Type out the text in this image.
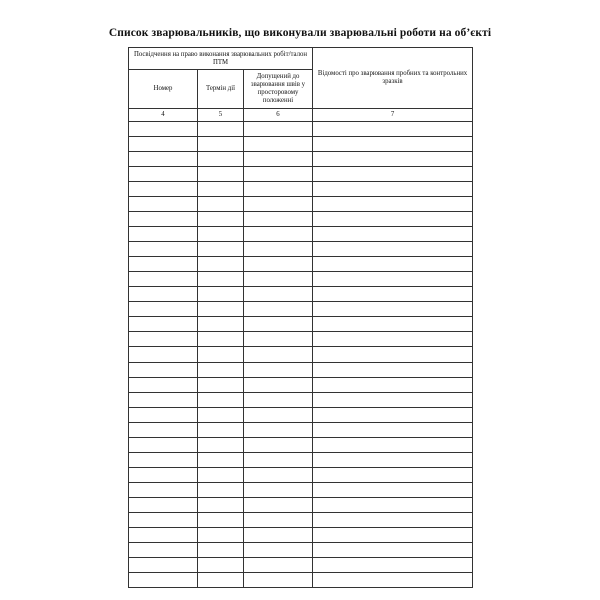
Список зварювальників, що виконували зварювальні роботи на об’єкті
Посвідчення на право виконання зварювальних робіт/талон ПТМ			Відомості про зварювання пробних та контрольних зразків
Номер	Термін дії	Допущений до зварювання швів у просторовому положенні	
4	5	6	7
